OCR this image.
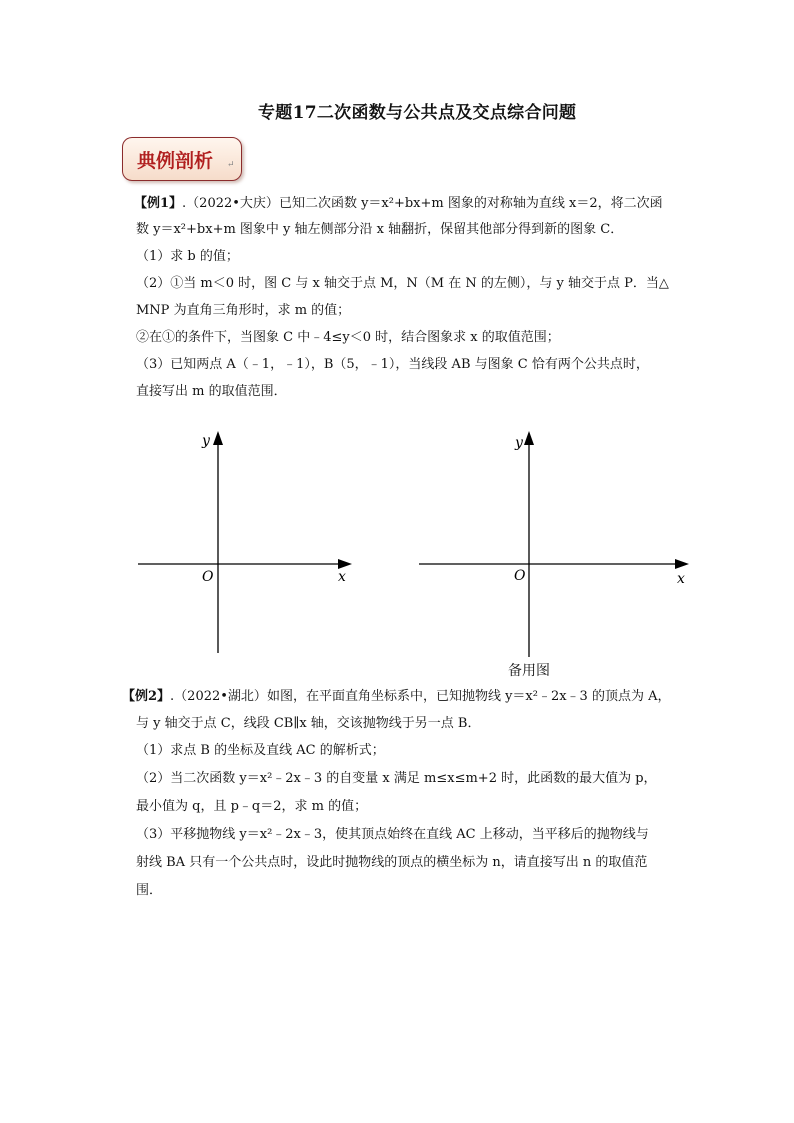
专题17二次函数与公共点及交点综合问题
典例剖析 ↵
【例1】.（2022•大庆）已知二次函数 y＝x²+bx+m 图象的对称轴为直线 x＝2，将二次函
数 y＝x²+bx+m 图象中 y 轴左侧部分沿 x 轴翻折，保留其他部分得到新的图象 C．
（1）求 b 的值；
（2）①当 m＜0 时，图 C 与 x 轴交于点 M，N（M 在 N 的左侧），与 y 轴交于点 P．当△
MNP 为直角三角形时，求 m 的值；
②在①的条件下，当图象 C 中﹣4≤y＜0 时，结合图象求 x 的取值范围；
（3）已知两点 A（﹣1，﹣1），B（5，﹣1），当线段 AB 与图象 C 恰有两个公共点时，
直接写出 m 的取值范围．
y
x
O
y
x
O
备用图
【例2】.（2022•湖北）如图，在平面直角坐标系中，已知抛物线 y＝x²﹣2x﹣3 的顶点为 A，
与 y 轴交于点 C，线段 CB∥x 轴，交该抛物线于另一点 B．
（1）求点 B 的坐标及直线 AC 的解析式；
（2）当二次函数 y＝x²﹣2x﹣3 的自变量 x 满足 m≤x≤m+2 时，此函数的最大值为 p，
最小值为 q，且 p﹣q＝2，求 m 的值；
（3）平移抛物线 y＝x²﹣2x﹣3，使其顶点始终在直线 AC 上移动，当平移后的抛物线与
射线 BA 只有一个公共点时，设此时抛物线的顶点的横坐标为 n，请直接写出 n 的取值范
围．
